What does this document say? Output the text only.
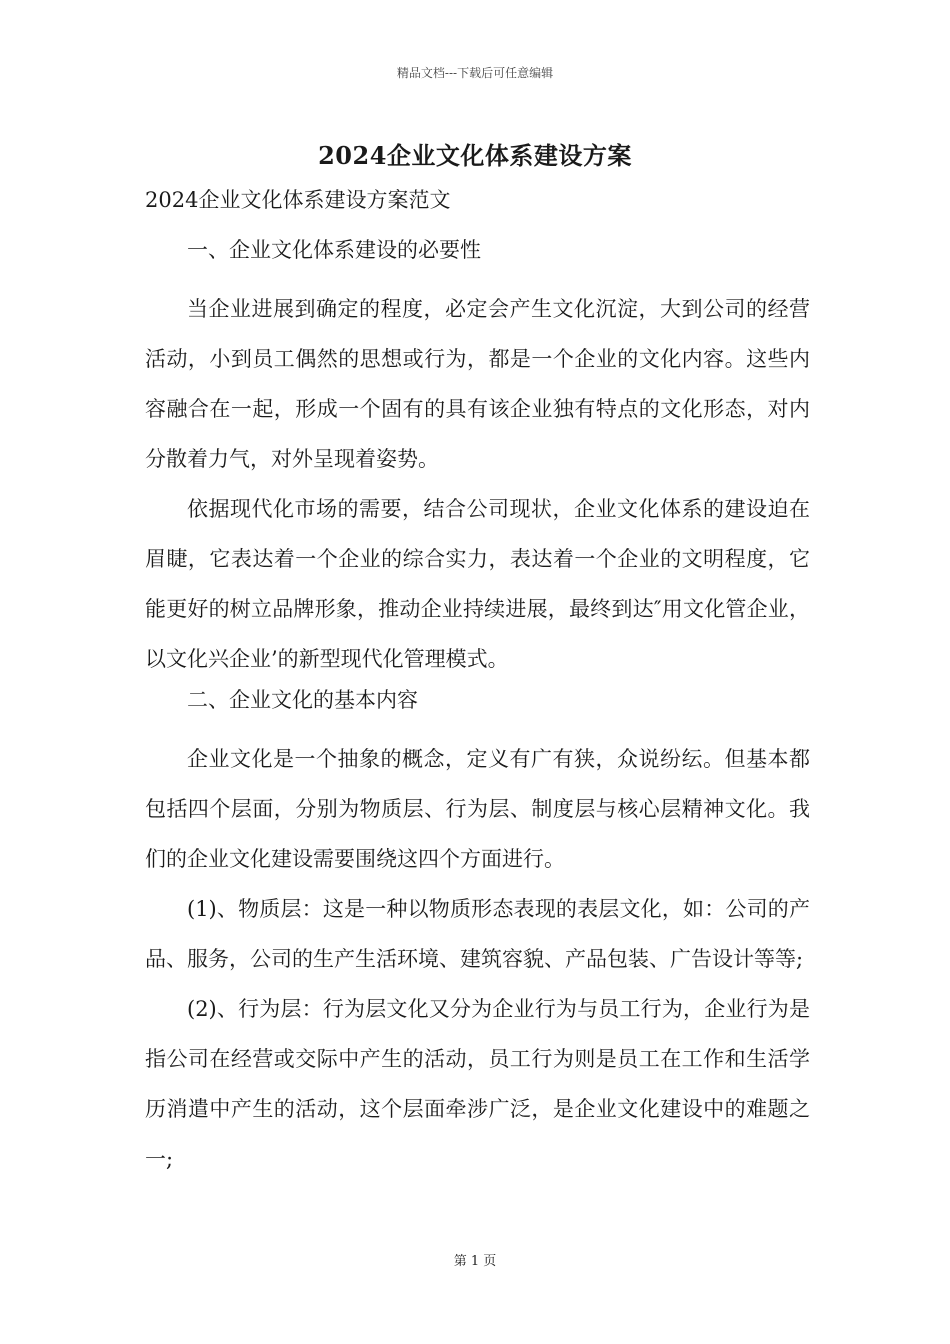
精品文档---下载后可任意编辑
2024企业文化体系建设方案
2024企业文化体系建设方案范文
一、企业文化体系建设的必要性

当企业进展到确定的程度，必定会产生文化沉淀，大到公司的经营活动，小到员工偶然的思想或行为，都是一个企业的文化内容。这些内容融合在一起，形成一个固有的具有该企业独有特点的文化形态，对内分散着力气，对外呈现着姿势。

依据现代化市场的需要，结合公司现状，企业文化体系的建设迫在眉睫，它表达着一个企业的综合实力，表达着一个企业的文明程度，它能更好的树立品牌形象，推动企业持续进展，最终到达″用文化管企业，以文化兴企业’的新型现代化管理模式。

二、企业文化的基本内容

企业文化是一个抽象的概念，定义有广有狭，众说纷纭。但基本都包括四个层面，分别为物质层、行为层、制度层与核心层精神文化。我们的企业文化建设需要围绕这四个方面进行。

(1)、物质层：这是一种以物质形态表现的表层文化，如：公司的产品、服务，公司的生产生活环境、建筑容貌、产品包装、广告设计等等;

(2)、行为层：行为层文化又分为企业行为与员工行为，企业行为是指公司在经营或交际中产生的活动，员工行为则是员工在工作和生活学历消遣中产生的活动，这个层面牵涉广泛，是企业文化建设中的难题之一;

第 1 页
